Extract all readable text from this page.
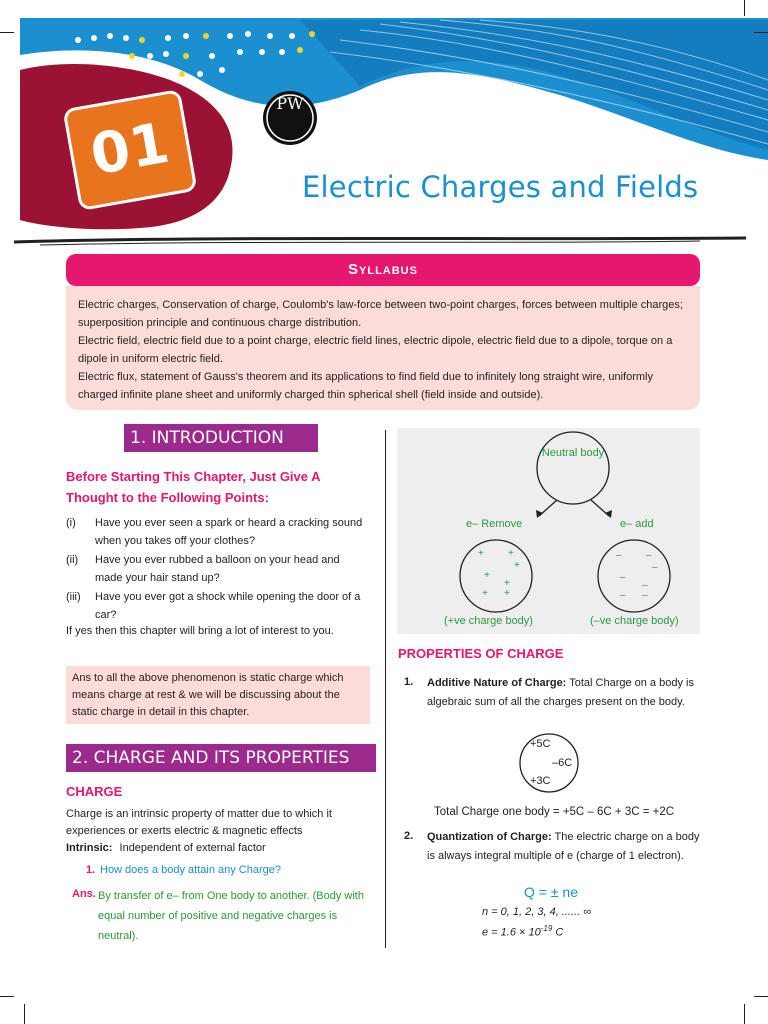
PW
01	Electric Charges and Fields
Syllabus
Electric charges, Conservation of charge, Coulomb's law-force between two-point charges, forces between multiple charges; superposition principle and continuous charge distribution.
Electric field, electric field due to a point charge, electric field lines, electric dipole, electric field due to a dipole, torque on a dipole in uniform electric field.
Electric flux, statement of Gauss's theorem and its applications to find field due to infinitely long straight wire, uniformly charged infinite plane sheet and uniformly charged thin spherical shell (field inside and outside).
1. INTRODUCTION
Before Starting This Chapter, Just Give A Thought to the Following Points:
(i) Have you ever seen a spark or heard a cracking sound when you takes off your clothes?
(ii) Have you ever rubbed a balloon on your head and made your hair stand up?
(iii) Have you ever got a shock while opening the door of a car?
If yes then this chapter will bring a lot of interest to you.
Ans to all the above phenomenon is static charge which means charge at rest & we will be discussing about the static charge in detail in this chapter.
2. CHARGE AND ITS PROPERTIES
CHARGE
Charge is an intrinsic property of matter due to which it experiences or exerts electric & magnetic effects
Intrinsic: Independent of external factor
1. How does a body attain any Charge?
Ans. By transfer of e– from One body to another. (Body with equal number of positive and negative charges is neutral).
Neutral body
e– Remove	e– add
+ +
+
+
+
+ +
– –
–
–
–
– –
(+ve charge body)	(–ve charge body)
PROPERTIES OF CHARGE
1. Additive Nature of Charge: Total Charge on a body is algebraic sum of all the charges present on the body.
+5C
–6C
+3C
Total Charge one body = +5C – 6C + 3C = +2C
2. Quantization of Charge: The electric charge on a body is always integral multiple of e (charge of 1 electron).
Q = ± ne
n = 0, 1, 2, 3, 4, ...... ∞
$e = 1.6 \times 10^{-19}$ C
